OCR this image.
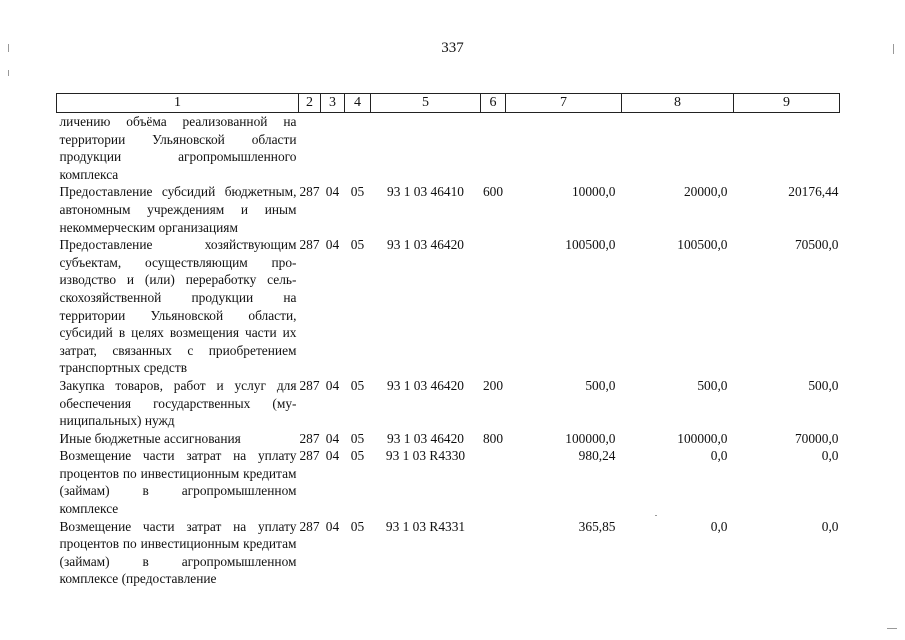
337
1	2	3	4	5	6	7	8	9
личению объёма реализованной на территории Ульяновской области продукции агропромышленного комплекса								
Предоставление субсидий бюджетным, автономным учреждениям и иным некоммерческим организациям	287	04	05	93 1 03 46410	600	10000,0	20000,0	20176,44
Предоставление хозяйствующим субъектам, осуществляющим производство и (или) переработку сельскохозяйственной продукции на территории Ульяновской области, субсидий в целях возмещения части их затрат, связанных с приобретением транспортных средств	287	04	05	93 1 03 46420		100500,0	100500,0	70500,0
Закупка товаров, работ и услуг для обеспечения государственных (муниципальных) нужд	287	04	05	93 1 03 46420	200	500,0	500,0	500,0
Иные бюджетные ассигнования	287	04	05	93 1 03 46420	800	100000,0	100000,0	70000,0
Возмещение части затрат на уплату процентов по инвестиционным кредитам (займам) в агропромышленном комплексе	287	04	05	93 1 03 R4330		980,24	0,0	0,0
Возмещение части затрат на уплату процентов по инвестиционным кредитам (займам) в агропромышленном комплексе (предоставление	287	04	05	93 1 03 R4331		365,85	0,0	0,0
